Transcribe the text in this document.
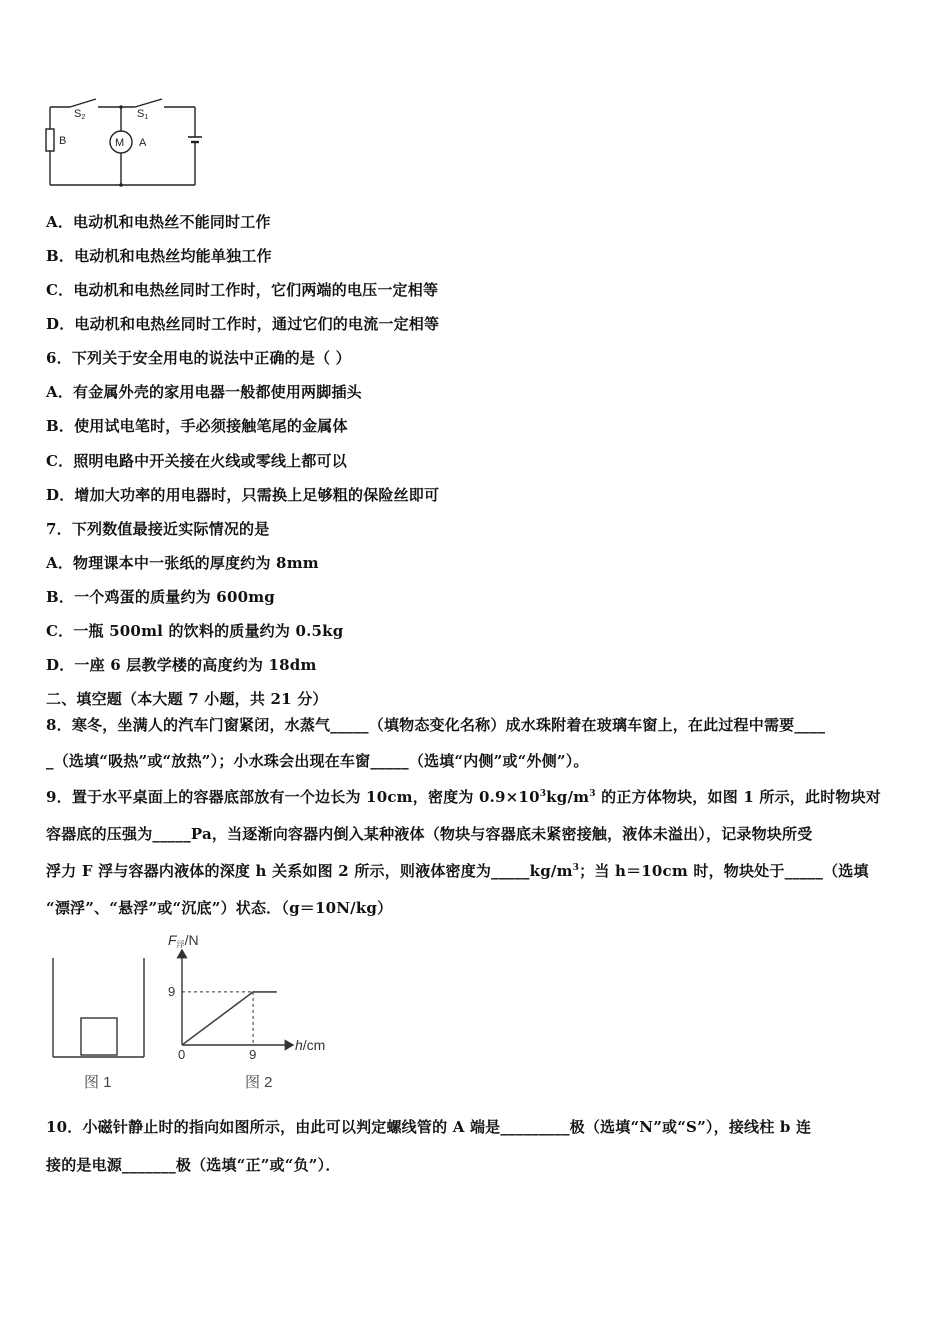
S2	S1
B	M A
A．电动机和电热丝不能同时工作
B．电动机和电热丝均能单独工作
C．电动机和电热丝同时工作时，它们两端的电压一定相等
D．电动机和电热丝同时工作时，通过它们的电流一定相等
6．下列关于安全用电的说法中正确的是（ ）
A．有金属外壳的家用电器一般都使用两脚插头
B．使用试电笔时，手必须接触笔尾的金属体
C．照明电路中开关接在火线或零线上都可以
D．增加大功率的用电器时，只需换上足够粗的保险丝即可
7．下列数值最接近实际情况的是
A．物理课本中一张纸的厚度约为 8mm
B．一个鸡蛋的质量约为 600mg
C．一瓶 500ml 的饮料的质量约为 0.5kg
D．一座 6 层教学楼的高度约为 18dm
二、填空题（本大题 7 小题，共 21 分）
8．寒冬，坐满人的汽车门窗紧闭，水蒸气_____（填物态变化名称）成水珠附着在玻璃车窗上，在此过程中需要____
_（选填“吸热”或“放热”）；小水珠会出现在车窗_____（选填“内侧”或“外侧”）。
9．置于水平桌面上的容器底部放有一个边长为 10cm，密度为 $0.9\times 10^3kg/m^3$ 的正方体物块，如图 1 所示，此时物块对
容器底的压强为_____Pa，当逐渐向容器内倒入某种液体（物块与容器底未紧密接触，液体未溢出），记录物块所受
浮力 F 浮与容器内液体的深度 h 关系如图 2 所示，则液体密度为$\_\_\_\_\_kg/m^3$；当 h＝10cm 时，物块处于_____（选填
“漂浮”、“悬浮”或“沉底”）状态．（g＝10N/kg）
图 1
F浮/N
h/cm
0
9
9
图 2
10．小磁针静止时的指向如图所示，由此可以判定螺线管的 A 端是_________极（选填“N”或“S”），接线柱 b 连
接的是电源_______极（选填“正”或“负”）．
